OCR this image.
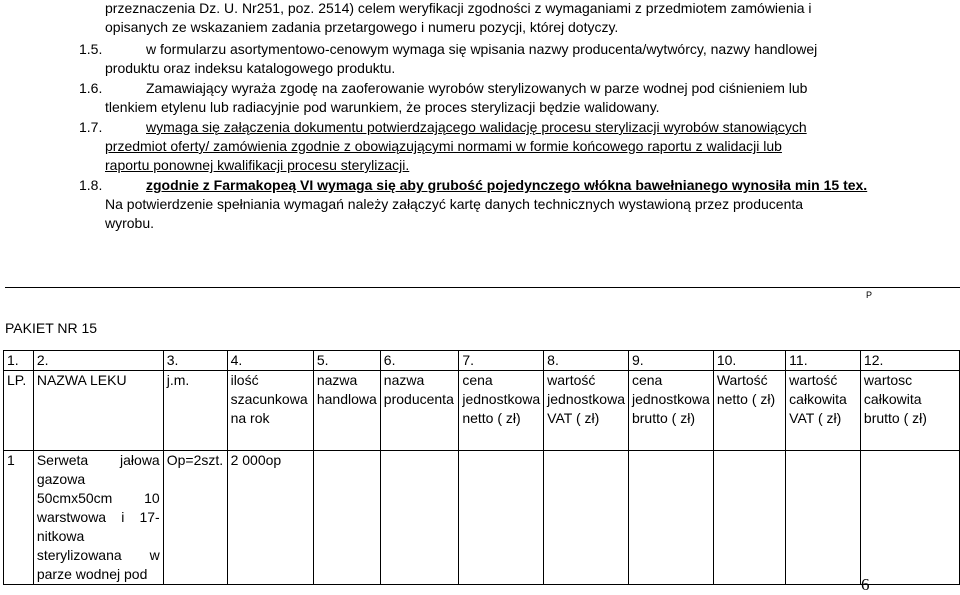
przeznaczenia Dz. U. Nr251, poz. 2514) celem weryfikacji zgodności z wymaganiami z przedmiotem zamówienia i
opisanych ze wskazaniem zadania przetargowego i numeru pozycji, której dotyczy.
1.5.	w formularzu asortymentowo-cenowym wymaga się wpisania nazwy producenta/wytwórcy, nazwy handlowej
produktu oraz indeksu katalogowego produktu.
1.6.	Zamawiający wyraża zgodę na zaoferowanie wyrobów sterylizowanych w parze wodnej pod ciśnieniem lub
tlenkiem etylenu lub radiacyjnie pod warunkiem, że proces sterylizacji będzie walidowany.
1.7.	wymaga się załączenia dokumentu potwierdzającego walidację procesu sterylizacji wyrobów stanowiących
przedmiot oferty/ zamówienia zgodnie z obowiązującymi normami w formie końcowego raportu z walidacji lub
raportu ponownej kwalifikacji procesu sterylizacji.
1.8.	zgodnie z Farmakopeą VI wymaga się aby grubość pojedynczego włókna bawełnianego wynosiła min 15 tex.
Na potwierdzenie spełniania wymagań należy załączyć kartę danych technicznych wystawioną przez producenta
wyrobu.
P
PAKIET NR 15
1.	2.	3.	4.	5.	6.	7.	8.	9.	10.	11.	12.
LP.	NAZWA LEKU	j.m.	ilość szacunkowa na rok	nazwa handlowa	nazwa producenta	cena jednostkowa netto ( zł)	wartość jednostkowa VAT ( zł)	cena jednostkowa brutto ( zł)	Wartość netto ( zł)	wartość całkowita VAT ( zł)	wartosc całkowita brutto ( zł)
1	Serweta jałowa gazowa 50cmx50cm 10 warstwowa i 17-nitkowa sterylizowana w parze wodnej pod	Op=2szt.	2 000op								
6
